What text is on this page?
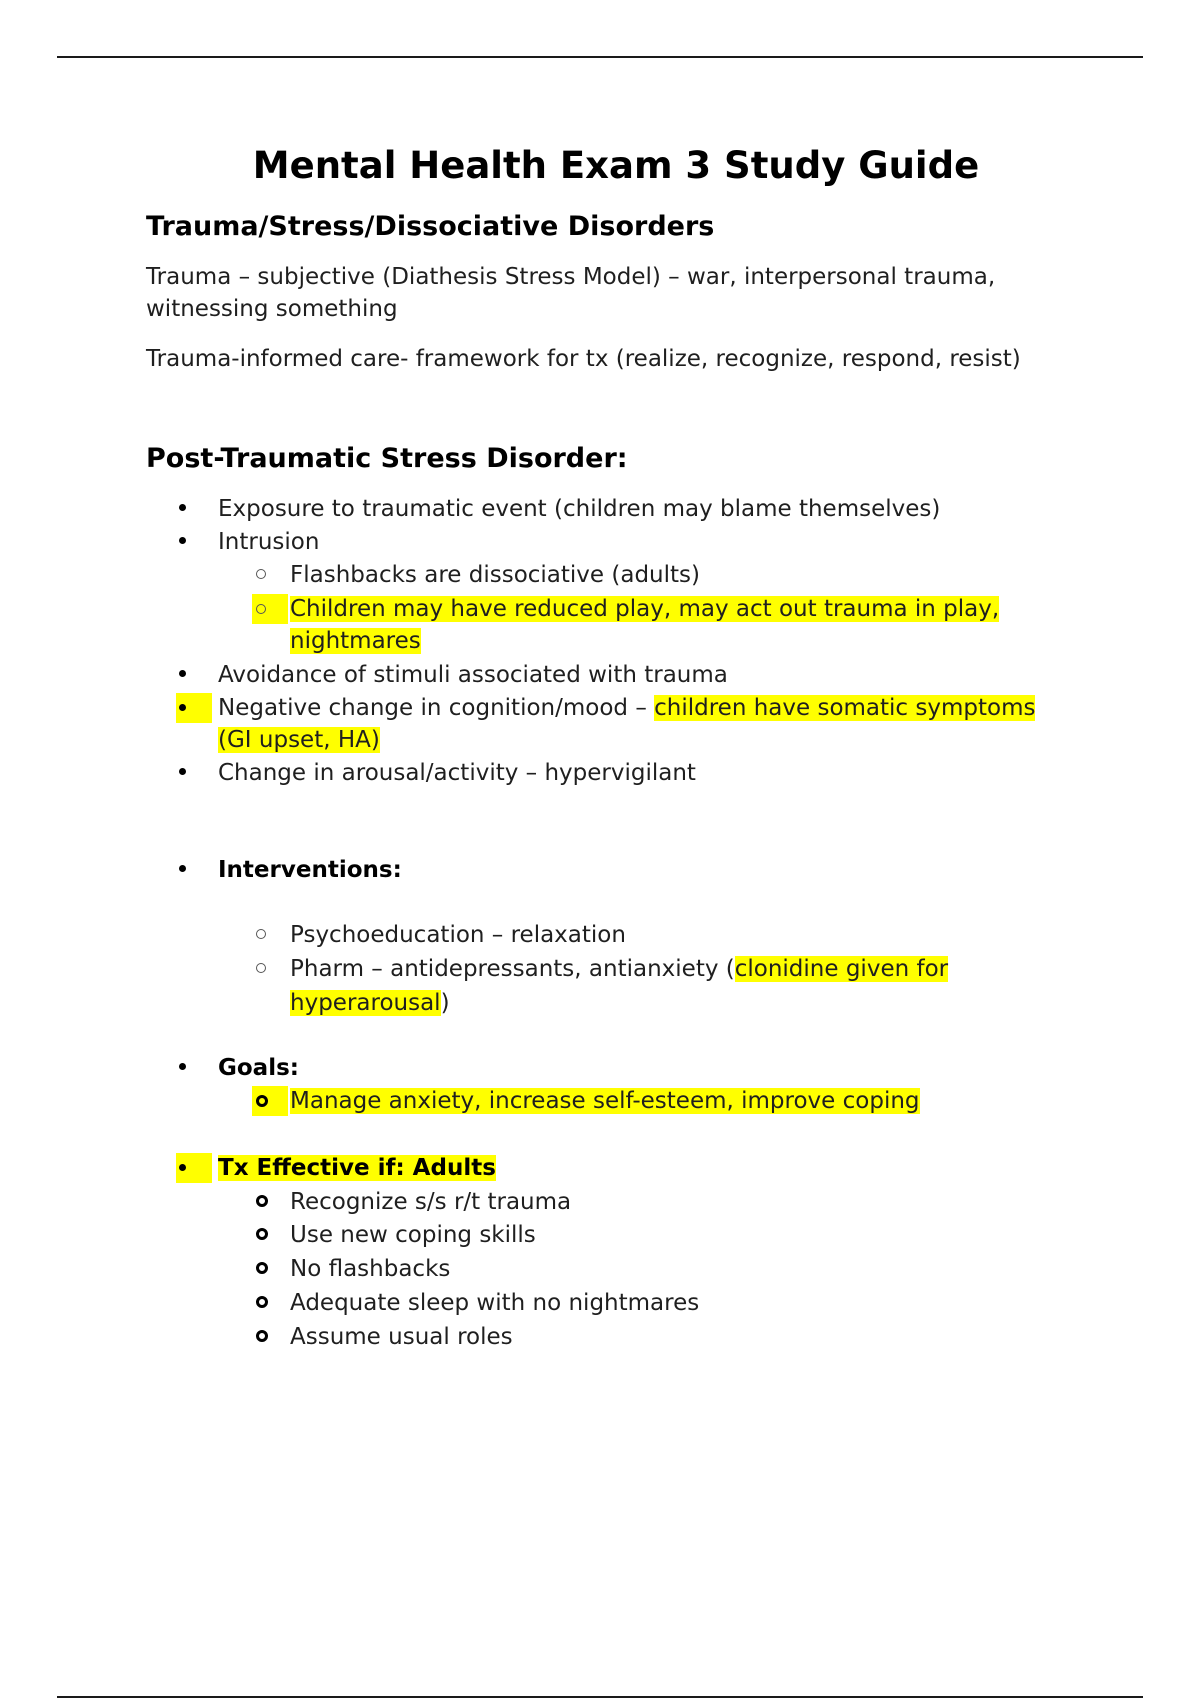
Mental Health Exam 3 Study Guide
Trauma/Stress/Dissociative Disorders

Trauma – subjective (Diathesis Stress Model) – war, interpersonal trauma, witnessing something

Trauma-informed care- framework for tx (realize, recognize, respond, resist)

Post-Traumatic Stress Disorder:
Exposure to traumatic event (children may blame themselves)
Intrusion
Flashbacks are dissociative (adults)
Children may have reduced play, may act out trauma in play,
nightmares
Avoidance of stimuli associated with trauma
Negative change in cognition/mood – children have somatic symptoms
(GI upset, HA)
Change in arousal/activity – hypervigilant
Interventions:
Psychoeducation – relaxation
Pharm – antidepressants, antianxiety (clonidine given for
hyperarousal)
Goals:
Manage anxiety, increase self-esteem, improve coping
Tx Effective if: Adults
Recognize s/s r/t trauma
Use new coping skills
No flashbacks
Adequate sleep with no nightmares
Assume usual roles
